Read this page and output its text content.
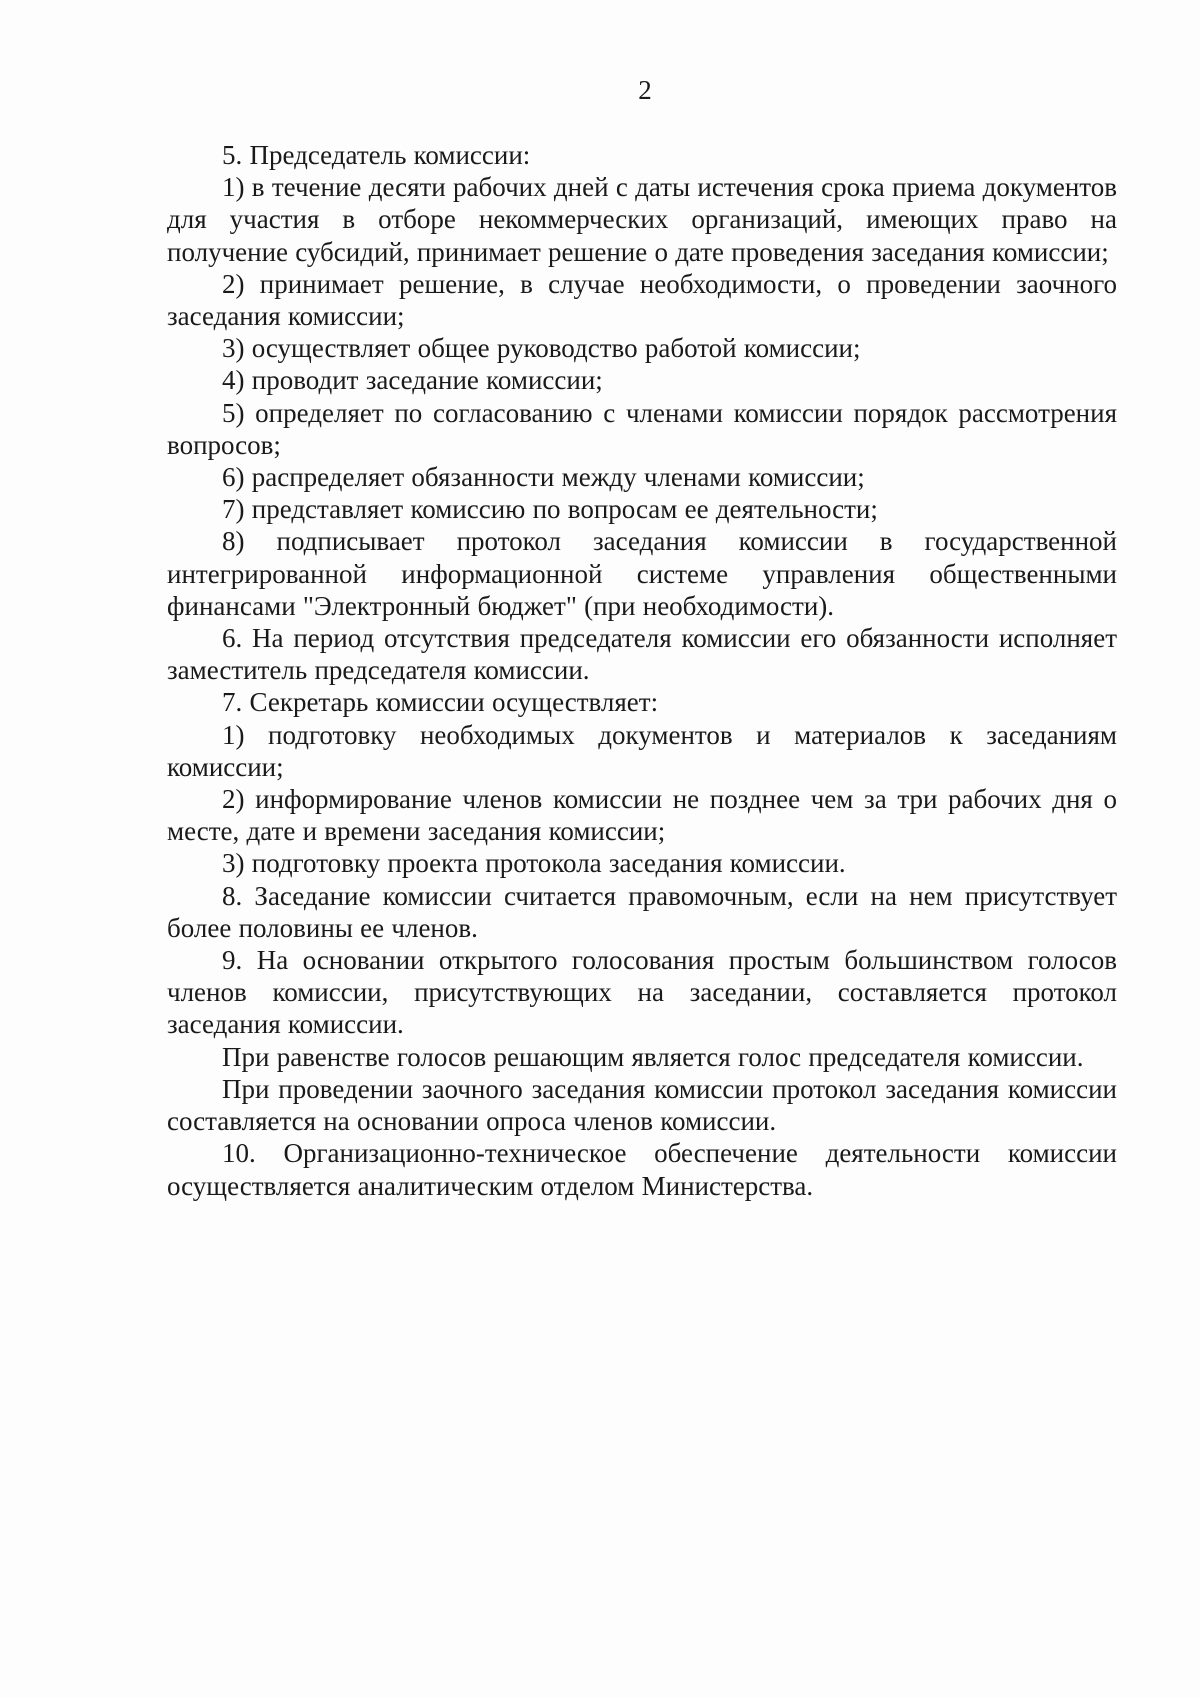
2

5. Председатель комиссии:

1) в течение десяти рабочих дней с даты истечения срока приема документов для участия в отборе некоммерческих организаций, имеющих право на получение субсидий, принимает решение о дате проведения заседания комиссии;

2) принимает решение, в случае необходимости, о проведении заочного заседания комиссии;

3) осуществляет общее руководство работой комиссии;

4) проводит заседание комиссии;

5) определяет по согласованию с членами комиссии порядок рассмотрения вопросов;

6) распределяет обязанности между членами комиссии;

7) представляет комиссию по вопросам ее деятельности;

8) подписывает протокол заседания комиссии в государственной интегрированной информационной системе управления общественными финансами "Электронный бюджет" (при необходимости).

6. На период отсутствия председателя комиссии его обязанности исполняет заместитель председателя комиссии.

7. Секретарь комиссии осуществляет:

1) подготовку необходимых документов и материалов к заседаниям комиссии;

2) информирование членов комиссии не позднее чем за три рабочих дня о месте, дате и времени заседания комиссии;

3) подготовку проекта протокола заседания комиссии.

8. Заседание комиссии считается правомочным, если на нем присутствует более половины ее членов.

9. На основании открытого голосования простым большинством голосов членов комиссии, присутствующих на заседании, составляется протокол заседания комиссии.

При равенстве голосов решающим является голос председателя комиссии.

При проведении заочного заседания комиссии протокол заседания комиссии составляется на основании опроса членов комиссии.

10. Организационно-техническое обеспечение деятельности комиссии осуществляется аналитическим отделом Министерства.
